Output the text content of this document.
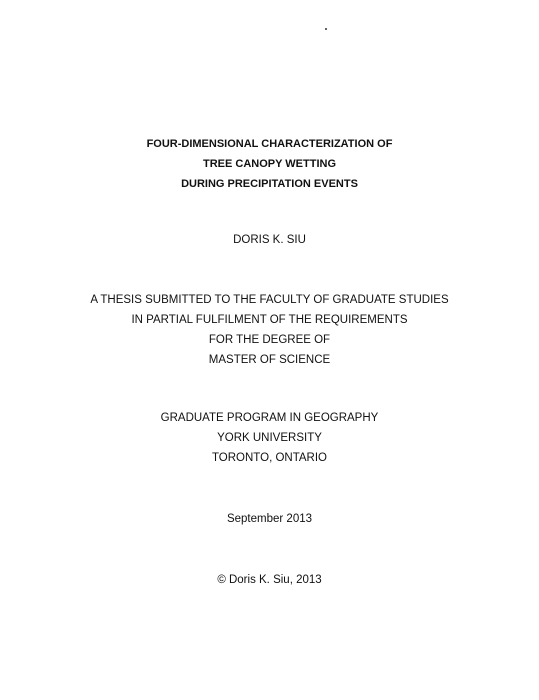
FOUR-DIMENSIONAL CHARACTERIZATION OF
TREE CANOPY WETTING
DURING PRECIPITATION EVENTS
DORIS K. SIU
A THESIS SUBMITTED TO THE FACULTY OF GRADUATE STUDIES
IN PARTIAL FULFILMENT OF THE REQUIREMENTS
FOR THE DEGREE OF
MASTER OF SCIENCE
GRADUATE PROGRAM IN GEOGRAPHY
YORK UNIVERSITY
TORONTO, ONTARIO
September 2013
© Doris K. Siu, 2013
